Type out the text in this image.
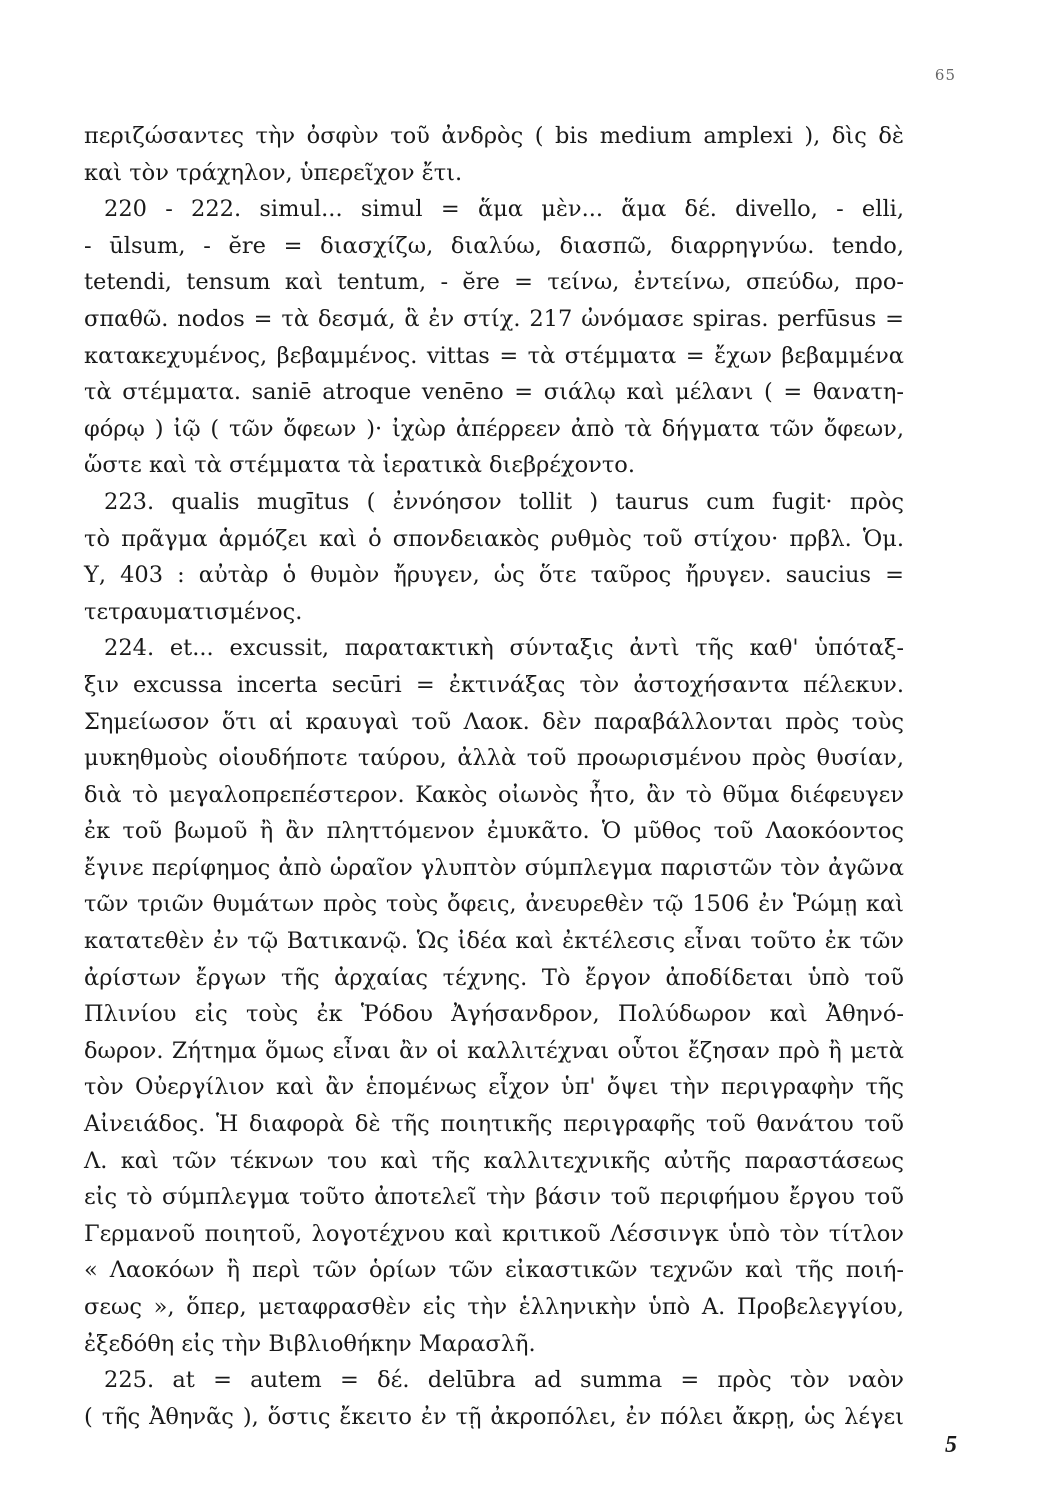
65
περιζώσαντες τὴν ὀσφὺν τοῦ ἀνδρὸς ( bis medium amplexi ), δὶς δὲ
καὶ τὸν τράχηλον, ὑπερεῖχον ἔτι.
220 - 222. simul... simul = ἅμα μὲν... ἅμα δέ. divello, - elli,
- ūlsum, - ĕre = διασχίζω, διαλύω, διασπῶ, διαρρηγνύω. tendo,
tetendi, tensum καὶ tentum, - ĕre = τείνω, ἐντείνω, σπεύδω, προ-
σπαθῶ. nodos = τὰ δεσμά, ἃ ἐν στίχ. 217 ὠνόμασε spiras. perfūsus =
κατακεχυμένος, βεβαμμένος. vittas = τὰ στέμματα = ἔχων βεβαμμένα
τὰ στέμματα. saniē atroque venēno = σιάλῳ καὶ μέλανι ( = θανατη-
φόρῳ ) ἰῷ ( τῶν ὄφεων )· ἰχὼρ ἀπέρρεεν ἀπὸ τὰ δήγματα τῶν ὄφεων,
ὥστε καὶ τὰ στέμματα τὰ ἱερατικὰ διεβρέχοντο.
223. qualis mugītus ( ἐννόησον tollit ) taurus cum fugit· πρὸς
τὸ πρᾶγμα ἁρμόζει καὶ ὁ σπονδειακὸς ρυθμὸς τοῦ στίχου· πρβλ. Ὁμ.
Υ, 403 : αὐτὰρ ὁ θυμὸν ἤρυγεν, ὡς ὅτε ταῦρος ἤρυγεν. saucius =
τετραυματισμένος.
224. et... excussit, παρατακτικὴ σύνταξις ἀντὶ τῆς καθ' ὑπόταξ-
ξιν excussa incerta secūri = ἐκτινάξας τὸν ἀστοχήσαντα πέλεκυν.
Σημείωσον ὅτι αἱ κραυγαὶ τοῦ Λαοκ. δὲν παραβάλλονται πρὸς τοὺς
μυκηθμοὺς οἱουδήποτε ταύρου, ἀλλὰ τοῦ προωρισμένου πρὸς θυσίαν,
διὰ τὸ μεγαλοπρεπέστερον. Κακὸς οἰωνὸς ἦτο, ἂν τὸ θῦμα διέφευγεν
ἐκ τοῦ βωμοῦ ἢ ἂν πληττόμενον ἐμυκᾶτο. Ὁ μῦθος τοῦ Λαοκόοντος
ἔγινε περίφημος ἀπὸ ὡραῖον γλυπτὸν σύμπλεγμα παριστῶν τὸν ἀγῶνα
τῶν τριῶν θυμάτων πρὸς τοὺς ὄφεις, ἀνευρεθὲν τῷ 1506 ἐν Ῥώμῃ καὶ
κατατεθὲν ἐν τῷ Βατικανῷ. Ὡς ἰδέα καὶ ἐκτέλεσις εἶναι τοῦτο ἐκ τῶν
ἀρίστων ἔργων τῆς ἀρχαίας τέχνης. Τὸ ἔργον ἀποδίδεται ὑπὸ τοῦ
Πλινίου εἰς τοὺς ἐκ Ῥόδου Ἀγήσανδρον, Πολύδωρον καὶ Ἀθηνό-
δωρον. Ζήτημα ὅμως εἶναι ἂν οἱ καλλιτέχναι οὗτοι ἔζησαν πρὸ ἢ μετὰ
τὸν Οὐεργίλιον καὶ ἂν ἑπομένως εἶχον ὑπ' ὄψει τὴν περιγραφὴν τῆς
Αἰνειάδος. Ἡ διαφορὰ δὲ τῆς ποιητικῆς περιγραφῆς τοῦ θανάτου τοῦ
Λ. καὶ τῶν τέκνων του καὶ τῆς καλλιτεχνικῆς αὐτῆς παραστάσεως
εἰς τὸ σύμπλεγμα τοῦτο ἀποτελεῖ τὴν βάσιν τοῦ περιφήμου ἔργου τοῦ
Γερμανοῦ ποιητοῦ, λογοτέχνου καὶ κριτικοῦ Λέσσινγκ ὑπὸ τὸν τίτλον
« Λαοκόων ἢ περὶ τῶν ὁρίων τῶν εἰκαστικῶν τεχνῶν καὶ τῆς ποιή-
σεως », ὅπερ, μεταφρασθὲν εἰς τὴν ἑλληνικὴν ὑπὸ Α. Προβελεγγίου,
ἐξεδόθη εἰς τὴν Βιβλιοθήκην Μαρασλῆ.
225. at = autem = δέ. delūbra ad summa = πρὸς τὸν ναὸν
( τῆς Ἀθηνᾶς ), ὅστις ἔκειτο ἐν τῇ ἀκροπόλει, ἐν πόλει ἄκρῃ, ὡς λέγει
5
